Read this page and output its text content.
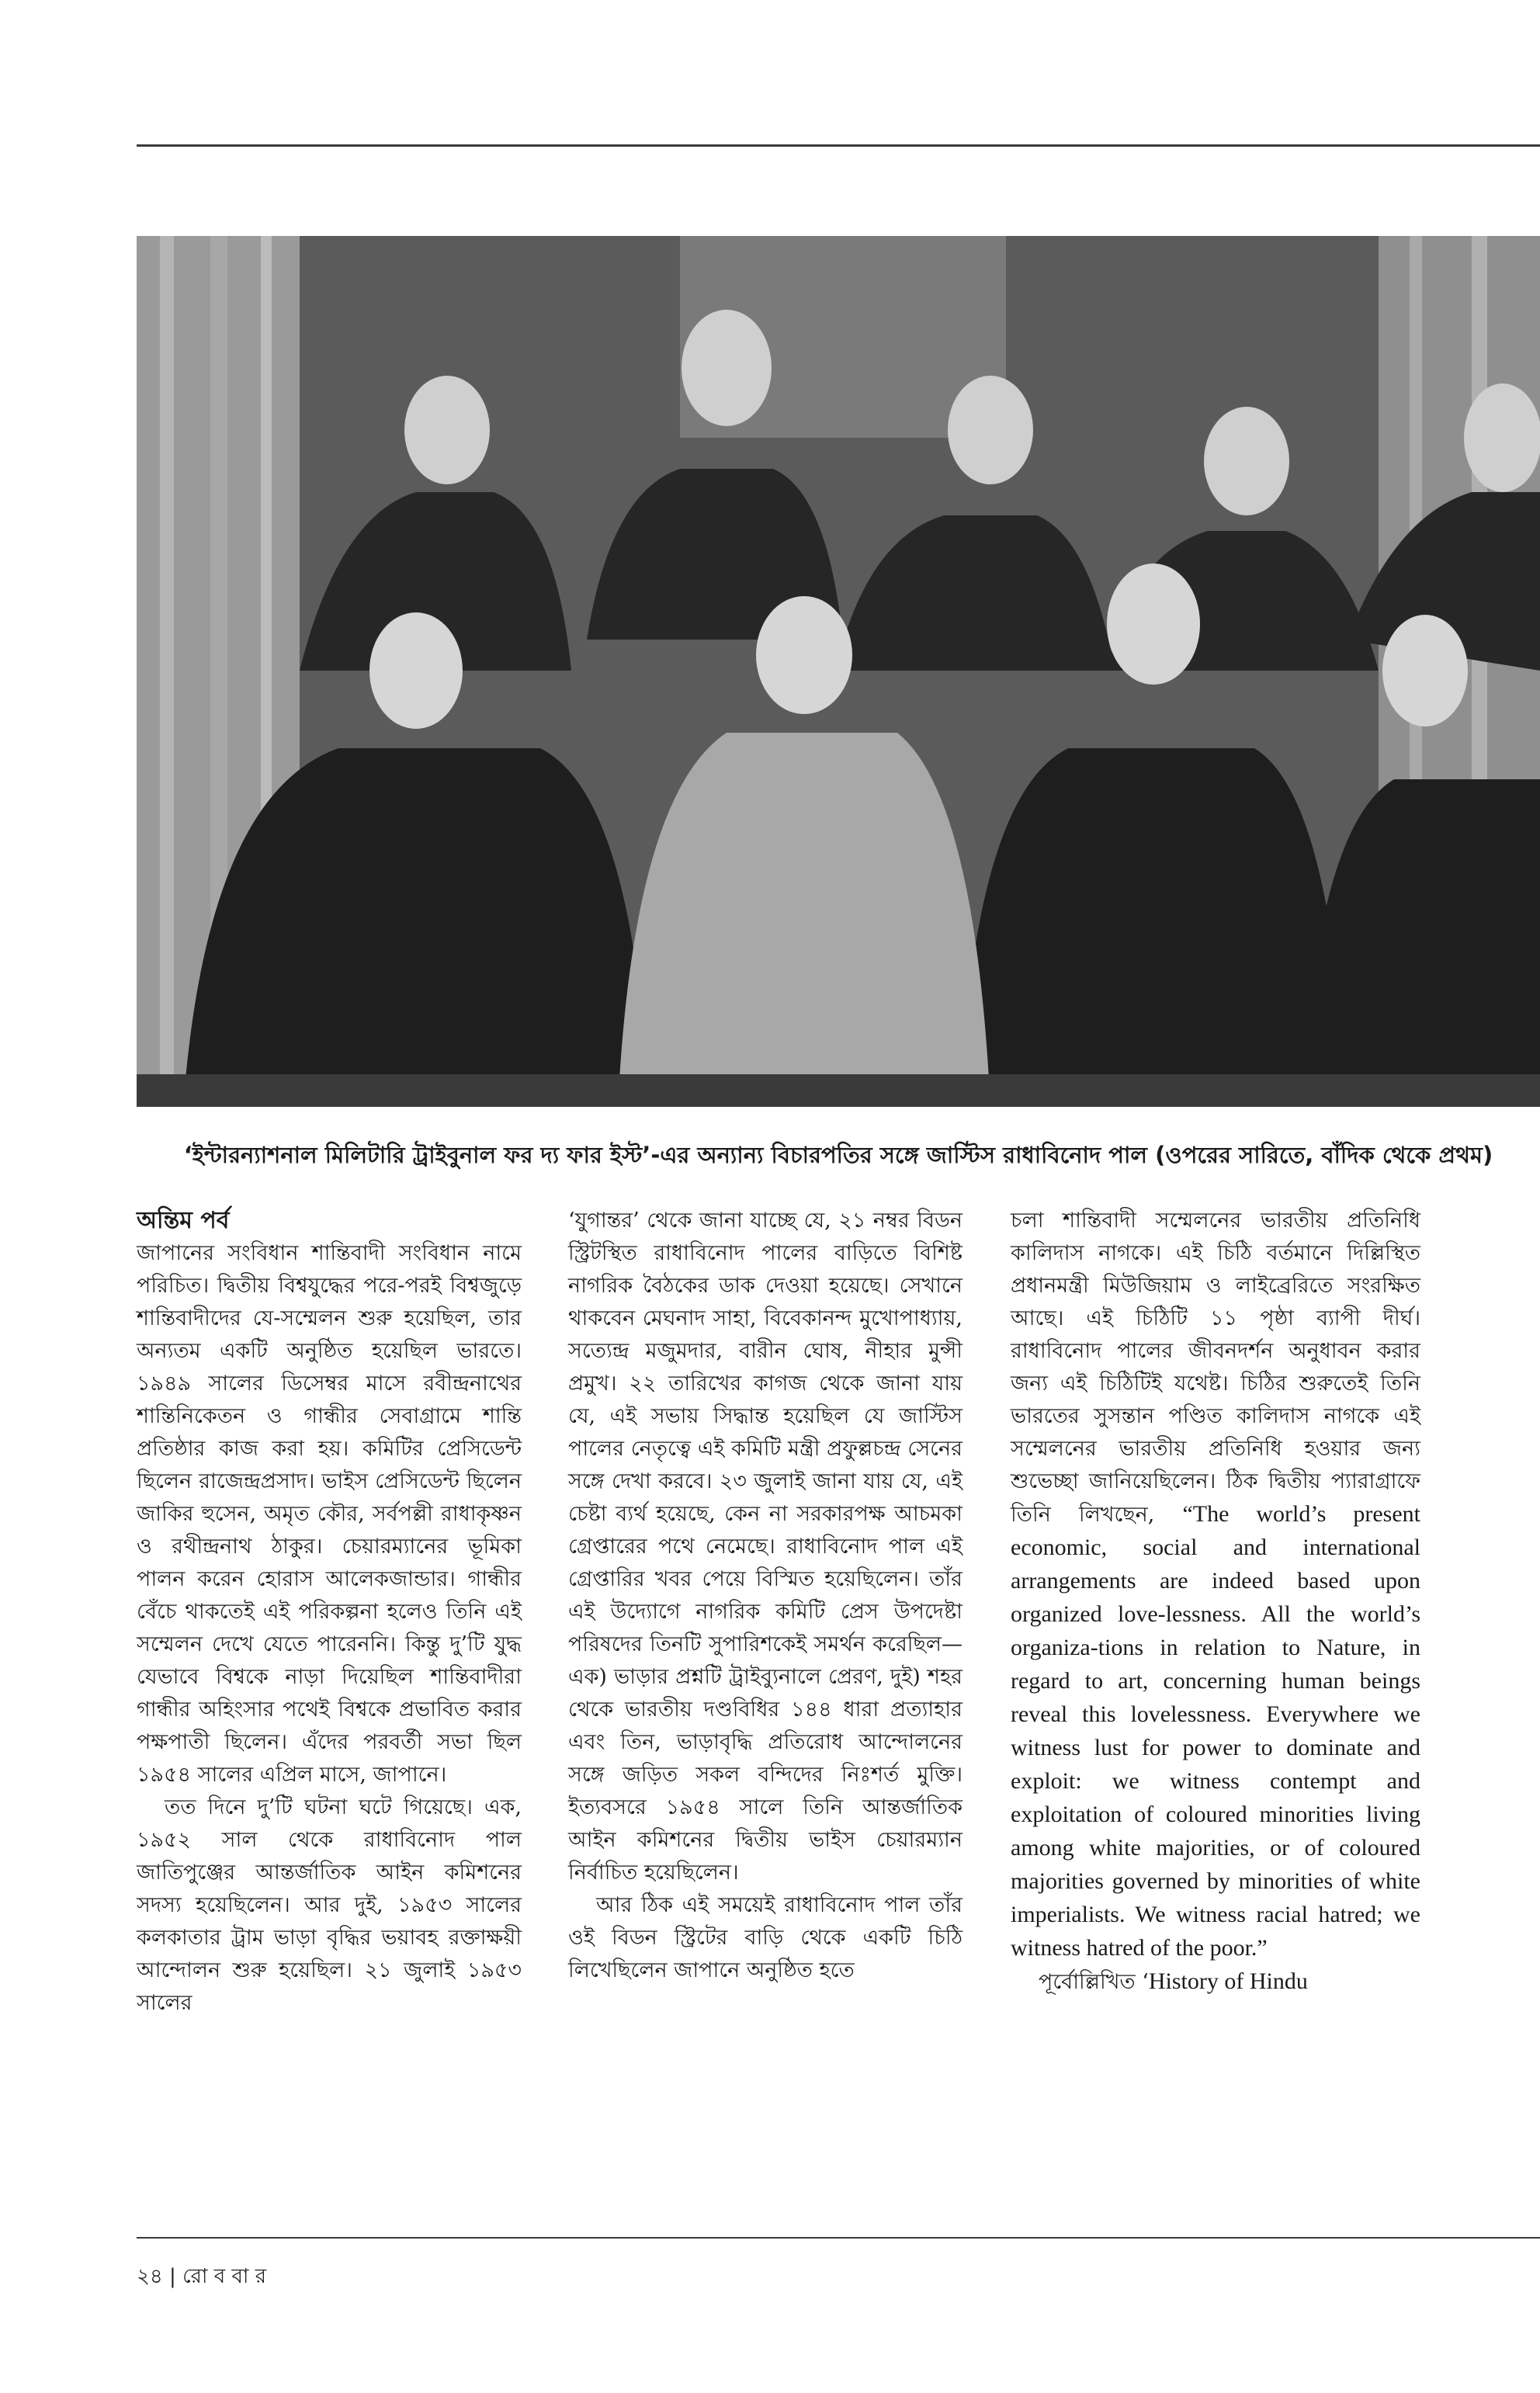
‘ইন্টারন্যাশনাল মিলিটারি ট্রাইবুনাল ফর দ্য ফার ইস্ট’-এর অন্যান্য বিচারপতির সঙ্গে জাস্টিস রাধাবিনোদ পাল (ওপরের সারিতে, বাঁদিক থেকে প্রথম)
অন্তিম পর্ব

জাপানের সংবিধান শান্তিবাদী সংবিধান নামে পরিচিত। দ্বিতীয় বিশ্বযুদ্ধের পরে-পরই বিশ্বজুড়ে শান্তিবাদীদের যে-সম্মেলন শুরু হয়েছিল, তার অন্যতম একটি অনুষ্ঠিত হয়েছিল ভারতে। ১৯৪৯ সালের ডিসেম্বর মাসে রবীন্দ্রনাথের শান্তিনিকেতন ও গান্ধীর সেবাগ্রামে শান্তি প্রতিষ্ঠার কাজ করা হয়। কমিটির প্রেসিডেন্ট ছিলেন রাজেন্দ্রপ্রসাদ। ভাইস প্রেসিডেন্ট ছিলেন জাকির হুসেন, অমৃত কৌর, সর্বপল্লী রাধাকৃষ্ণন ও রথীন্দ্রনাথ ঠাকুর। চেয়ারম্যানের ভূমিকা পালন করেন হোরাস আলেকজান্ডার। গান্ধীর বেঁচে থাকতেই এই পরিকল্পনা হলেও তিনি এই সম্মেলন দেখে যেতে পারেননি। কিন্তু দু’টি যুদ্ধ যেভাবে বিশ্বকে নাড়া দিয়েছিল শান্তিবাদীরা গান্ধীর অহিংসার পথেই বিশ্বকে প্রভাবিত করার পক্ষপাতী ছিলেন। এঁদের পরবর্তী সভা ছিল ১৯৫৪ সালের এপ্রিল মাসে, জাপানে।

তত দিনে দু’টি ঘটনা ঘটে গিয়েছে। এক, ১৯৫২ সাল থেকে রাধাবিনোদ পাল জাতিপুঞ্জের আন্তর্জাতিক আইন কমিশনের সদস্য হয়েছিলেন। আর দুই, ১৯৫৩ সালের কলকাতার ট্রাম ভাড়া বৃদ্ধির ভয়াবহ রক্তাক্ষয়ী আন্দোলন শুরু হয়েছিল। ২১ জুলাই ১৯৫৩ সালের

‘যুগান্তর’ থেকে জানা যাচ্ছে যে, ২১ নম্বর বিডন স্ট্রিটস্থিত রাধাবিনোদ পালের বাড়িতে বিশিষ্ট নাগরিক বৈঠকের ডাক দেওয়া হয়েছে। সেখানে থাকবেন মেঘনাদ সাহা, বিবেকানন্দ মুখোপাধ্যায়, সত্যেন্দ্র মজুমদার, বারীন ঘোষ, নীহার মুন্সী প্রমুখ। ২২ তারিখের কাগজ থেকে জানা যায় যে, এই সভায় সিদ্ধান্ত হয়েছিল যে জাস্টিস পালের নেতৃত্বে এই কমিটি মন্ত্রী প্রফুল্লচন্দ্র সেনের সঙ্গে দেখা করবে। ২৩ জুলাই জানা যায় যে, এই চেষ্টা ব্যর্থ হয়েছে, কেন না সরকারপক্ষ আচমকা গ্রেপ্তারের পথে নেমেছে। রাধাবিনোদ পাল এই গ্রেপ্তারির খবর পেয়ে বিস্মিত হয়েছিলেন। তাঁর এই উদ্যোগে নাগরিক কমিটি প্রেস উপদেষ্টা পরিষদের তিনটি সুপারিশকেই সমর্থন করেছিল— এক) ভাড়ার প্রশ্নটি ট্রাইব্যুনালে প্রেরণ, দুই) শহর থেকে ভারতীয় দণ্ডবিধির ১৪৪ ধারা প্রত্যাহার এবং তিন, ভাড়াবৃদ্ধি প্রতিরোধ আন্দোলনের সঙ্গে জড়িত সকল বন্দিদের নিঃশর্ত মুক্তি। ইত্যবসরে ১৯৫৪ সালে তিনি আন্তর্জাতিক আইন কমিশনের দ্বিতীয় ভাইস চেয়ারম্যান নির্বাচিত হয়েছিলেন।

আর ঠিক এই সময়েই রাধাবিনোদ পাল তাঁর ওই বিডন স্ট্রিটের বাড়ি থেকে একটি চিঠি লিখেছিলেন জাপানে অনুষ্ঠিত হতে

চলা শান্তিবাদী সম্মেলনের ভারতীয় প্রতিনিধি কালিদাস নাগকে। এই চিঠি বর্তমানে দিল্লিস্থিত প্রধানমন্ত্রী মিউজিয়াম ও লাইব্রেরিতে সংরক্ষিত আছে। এই চিঠিটি ১১ পৃষ্ঠা ব্যাপী দীর্ঘ। রাধাবিনোদ পালের জীবনদর্শন অনুধাবন করার জন্য এই চিঠিটিই যথেষ্ট। চিঠির শুরুতেই তিনি ভারতের সুসন্তান পণ্ডিত কালিদাস নাগকে এই সম্মেলনের ভারতীয় প্রতিনিধি হওয়ার জন্য শুভেচ্ছা জানিয়েছিলেন। ঠিক দ্বিতীয় প্যারাগ্রাফে তিনি লিখছেন, “The world’s present economic, social and international arrangements are indeed based upon organized love-lessness. All the world’s organiza-tions in relation to Nature, in regard to art, concerning human beings reveal this lovelessness. Everywhere we witness lust for power to dominate and exploit: we witness contempt and exploitation of coloured minorities living among white majorities, or of coloured majorities governed by minorities of white imperialists. We witness racial hatred; we witness hatred of the poor.”

পূর্বোল্লিখিত ‘History of Hindu

২৪ | রো ব বা র
